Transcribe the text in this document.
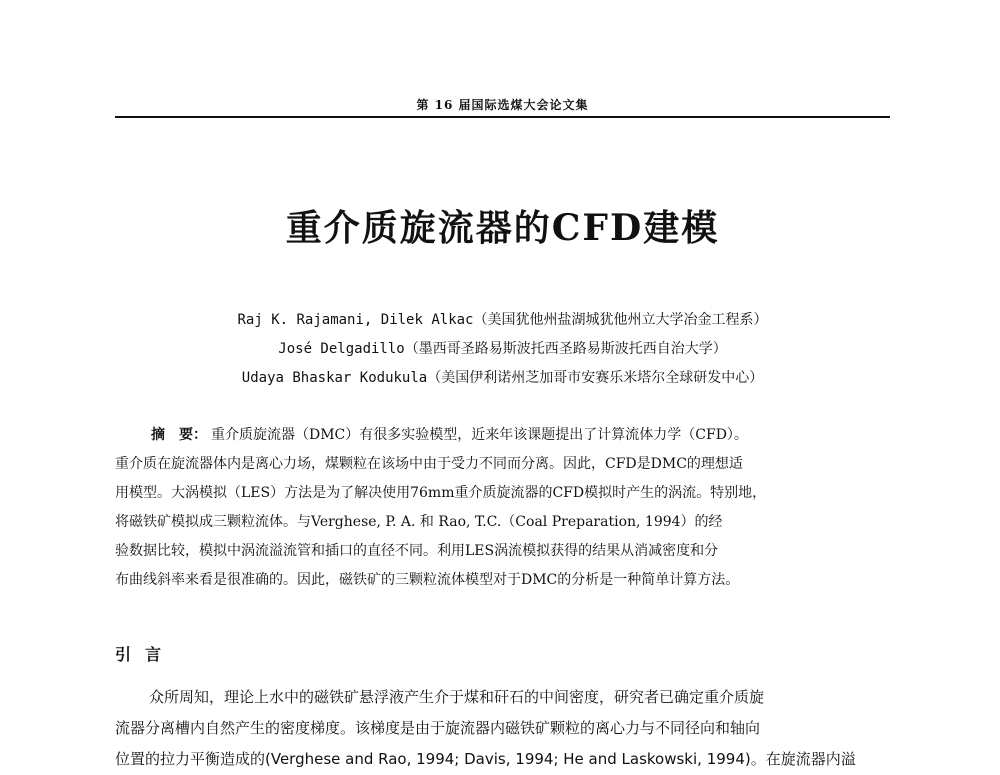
第 16 届国际选煤大会论文集
重介质旋流器的CFD建模
Raj K. Rajamani, Dilek Alkac（美国犹他州盐湖城犹他州立大学冶金工程系）
José Delgadillo（墨西哥圣路易斯波托西圣路易斯波托西自治大学）
Udaya Bhaskar Kodukula（美国伊利诺州芝加哥市安赛乐米塔尔全球研发中心）
摘　要： 重介质旋流器（DMC）有很多实验模型，近来年该课题提出了计算流体力学（CFD）。
重介质在旋流器体内是离心力场，煤颗粒在该场中由于受力不同而分离。因此，CFD是DMC的理想适
用模型。大涡模拟（LES）方法是为了解决使用76mm重介质旋流器的CFD模拟时产生的涡流。特别地，
将磁铁矿模拟成三颗粒流体。与Verghese, P. A. 和 Rao, T.C.（Coal Preparation, 1994）的经
验数据比较，模拟中涡流溢流管和插口的直径不同。利用LES涡流模拟获得的结果从消减密度和分
布曲线斜率来看是很准确的。因此，磁铁矿的三颗粒流体模型对于DMC的分析是一种简单计算方法。
引言
众所周知，理论上水中的磁铁矿悬浮液产生介于煤和矸石的中间密度，研究者已确定重介质旋
流器分离槽内自然产生的密度梯度。该梯度是由于旋流器内磁铁矿颗粒的离心力与不同径向和轴向
位置的拉力平衡造成的(Verghese and Rao, 1994; Davis, 1994; He and Laskowski, 1994)。在旋流器内溢
